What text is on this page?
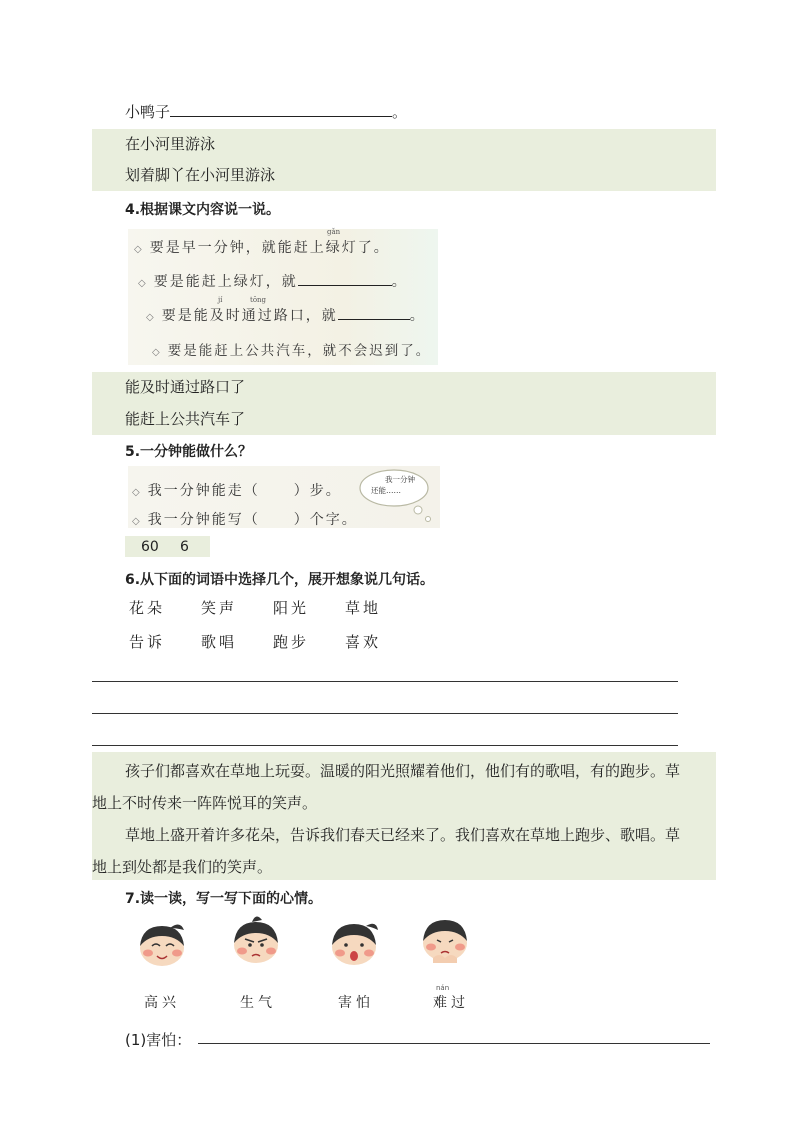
小鸭子	。
在小河里游泳
划着脚丫在小河里游泳
4.根据课文内容说一说。
◇ 要是早一分钟，就能赶上绿灯了。
gǎn
◇ 要是能赶上绿灯，就	。
◇ 要是能及时通过路口，就	。
jí	tōng
◇ 要是能赶上公共汽车，就不会迟到了。
能及时通过路口了
能赶上公共汽车了
5.一分钟能做什么？
◇ 我一分钟能走（ ）步。
◇ 我一分钟能写（ ）个字。
我一分钟
还能……
60 6
6.从下面的词语中选择几个，展开想象说几句话。
花朵 笑声 阳光 草地
告诉 歌唱 跑步 喜欢
孩子们都喜欢在草地上玩耍。温暖的阳光照耀着他们，他们有的歌唱，有的跑步。草
地上不时传来一阵阵悦耳的笑声。
草地上盛开着许多花朵，告诉我们春天已经来了。我们喜欢在草地上跑步、歌唱。草
地上到处都是我们的笑声。
7.读一读，写一写下面的心情。
高兴	生气	害怕	难过
nán
(1)害怕：
